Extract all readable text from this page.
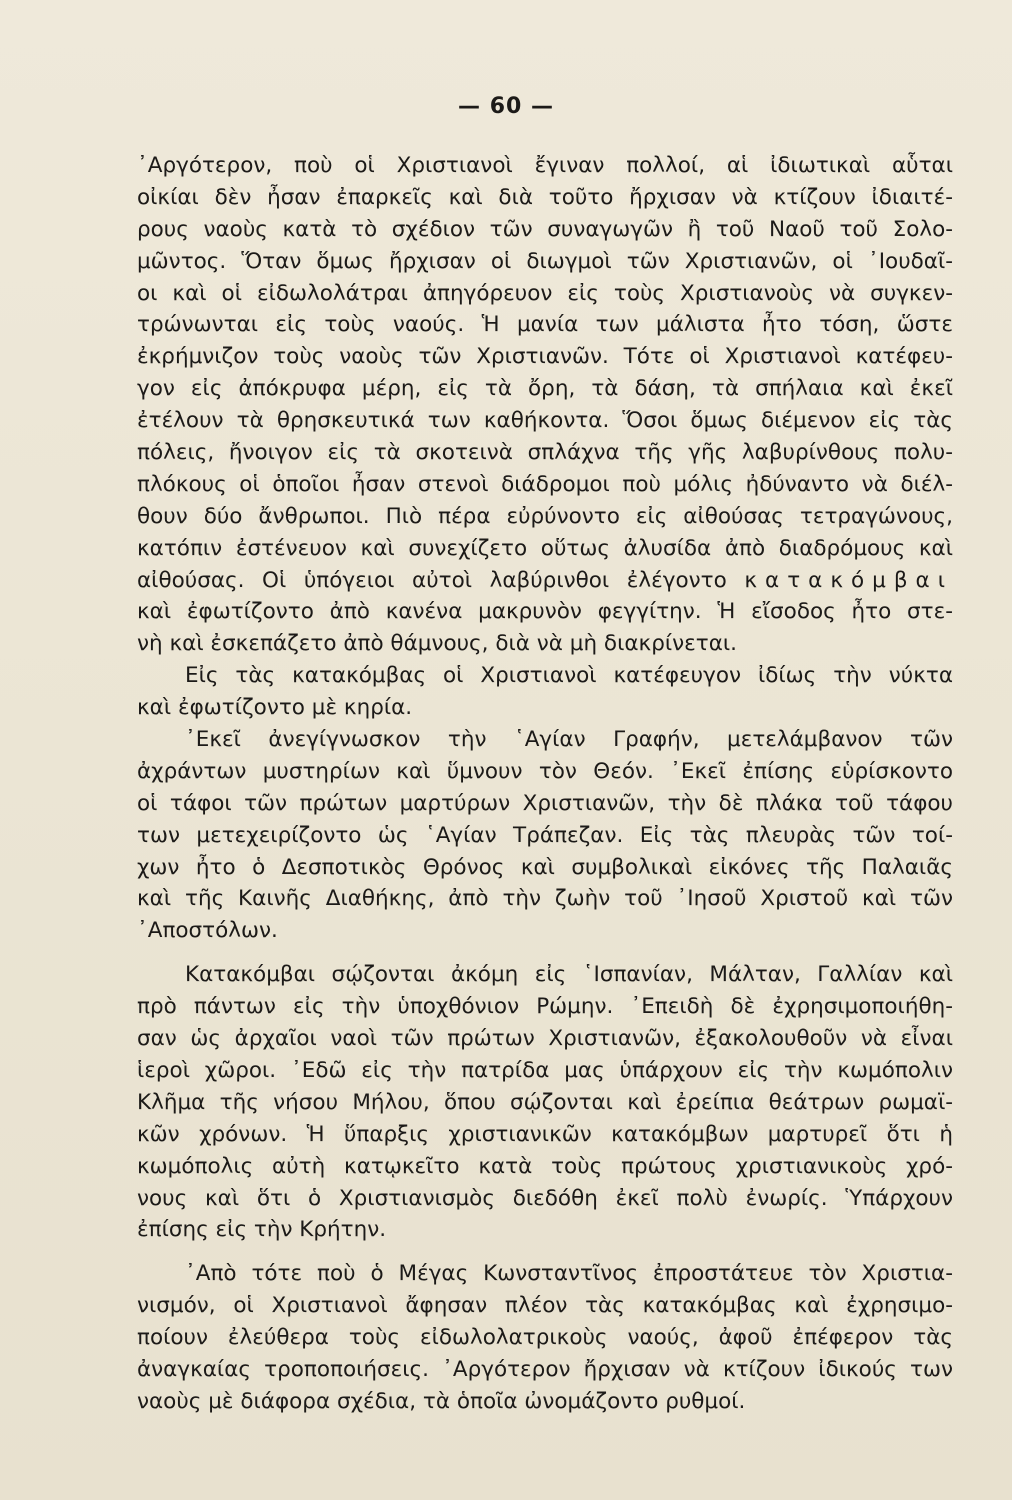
— 60 —
᾿Αργότερον, ποὺ οἱ Χριστιανοὶ ἔγιναν πολλοί, αἱ ἰδιωτικαὶ αὗται
οἰκίαι δὲν ἦσαν ἐπαρκεῖς καὶ διὰ τοῦτο ἤρχισαν νὰ κτίζουν ἰδιαιτέ-
ρους ναοὺς κατὰ τὸ σχέδιον τῶν συναγωγῶν ἢ τοῦ Ναοῦ τοῦ Σολο-
μῶντος. Ὅταν ὅμως ἤρχισαν οἱ διωγμοὶ τῶν Χριστιανῶν, οἱ ᾿Ιουδαῖ-
οι καὶ οἱ εἰδωλολάτραι ἀπηγόρευον εἰς τοὺς Χριστιανοὺς νὰ συγκεν-
τρώνωνται εἰς τοὺς ναούς. Ἡ μανία των μάλιστα ἦτο τόση, ὥστε
ἐκρήμνιζον τοὺς ναοὺς τῶν Χριστιανῶν. Τότε οἱ Χριστιανοὶ κατέφευ-
γον εἰς ἀπόκρυφα μέρη, εἰς τὰ ὄρη, τὰ δάση, τὰ σπήλαια καὶ ἐκεῖ
ἐτέλουν τὰ θρησκευτικά των καθήκοντα. Ὅσοι ὅμως διέμενον εἰς τὰς
πόλεις, ἤνοιγον εἰς τὰ σκοτεινὰ σπλάχνα τῆς γῆς λαβυρίνθους πολυ-
πλόκους οἱ ὁποῖοι ἦσαν στενοὶ διάδρομοι ποὺ μόλις ἠδύναντο νὰ διέλ-
θουν δύο ἄνθρωποι. Πιὸ πέρα εὐρύνοντο εἰς αἰθούσας τετραγώνους,
κατόπιν ἐστένευον καὶ συνεχίζετο οὕτως ἀλυσίδα ἀπὸ διαδρόμους καὶ
αἰθούσας. Οἱ ὑπόγειοι αὐτοὶ λαβύρινθοι ἐλέγοντο κατακόμβαι
καὶ ἐφωτίζοντο ἀπὸ κανένα μακρυνὸν φεγγίτην. Ἡ εἴσοδος ἦτο στε-
νὴ καὶ ἐσκεπάζετο ἀπὸ θάμνους, διὰ νὰ μὴ διακρίνεται.
Εἰς τὰς κατακόμβας οἱ Χριστιανοὶ κατέφευγον ἰδίως τὴν νύκτα
καὶ ἐφωτίζοντο μὲ κηρία.
᾿Εκεῖ ἀνεγίγνωσκον τὴν ῾Αγίαν Γραφήν, μετελάμβανον τῶν
ἀχράντων μυστηρίων καὶ ὕμνουν τὸν Θεόν. ᾿Εκεῖ ἐπίσης εὑρίσκοντο
οἱ τάφοι τῶν πρώτων μαρτύρων Χριστιανῶν, τὴν δὲ πλάκα τοῦ τάφου
των μετεχειρίζοντο ὡς ῾Αγίαν Τράπεζαν. Εἰς τὰς πλευρὰς τῶν τοί-
χων ἦτο ὁ Δεσποτικὸς Θρόνος καὶ συμβολικαὶ εἰκόνες τῆς Παλαιᾶς
καὶ τῆς Καινῆς Διαθήκης, ἀπὸ τὴν ζωὴν τοῦ ᾿Ιησοῦ Χριστοῦ καὶ τῶν
᾿Αποστόλων.
Κατακόμβαι σῴζονται ἀκόμη εἰς ῾Ισπανίαν, Μάλταν, Γαλλίαν καὶ
πρὸ πάντων εἰς τὴν ὑποχθόνιον Ρώμην. ᾿Επειδὴ δὲ ἐχρησιμοποιήθη-
σαν ὡς ἀρχαῖοι ναοὶ τῶν πρώτων Χριστιανῶν, ἐξακολουθοῦν νὰ εἶναι
ἱεροὶ χῶροι. ᾿Εδῶ εἰς τὴν πατρίδα μας ὑπάρχουν εἰς τὴν κωμόπολιν
Κλῆμα τῆς νήσου Μήλου, ὅπου σῴζονται καὶ ἐρείπια θεάτρων ρωμαϊ-
κῶν χρόνων. Ἡ ὕπαρξις χριστιανικῶν κατακόμβων μαρτυρεῖ ὅτι ἡ
κωμόπολις αὐτὴ κατῳκεῖτο κατὰ τοὺς πρώτους χριστιανικοὺς χρό-
νους καὶ ὅτι ὁ Χριστιανισμὸς διεδόθη ἐκεῖ πολὺ ἐνωρίς. Ὑπάρχουν
ἐπίσης εἰς τὴν Κρήτην.
᾿Απὸ τότε ποὺ ὁ Μέγας Κωνσταντῖνος ἐπροστάτευε τὸν Χριστια-
νισμόν, οἱ Χριστιανοὶ ἄφησαν πλέον τὰς κατακόμβας καὶ ἐχρησιμο-
ποίουν ἐλεύθερα τοὺς εἰδωλολατρικοὺς ναούς, ἀφοῦ ἐπέφερον τὰς
ἀναγκαίας τροποποιήσεις. ᾿Αργότερον ἤρχισαν νὰ κτίζουν ἰδικούς των
ναοὺς μὲ διάφορα σχέδια, τὰ ὁποῖα ὠνομάζοντο ρυθμοί.
